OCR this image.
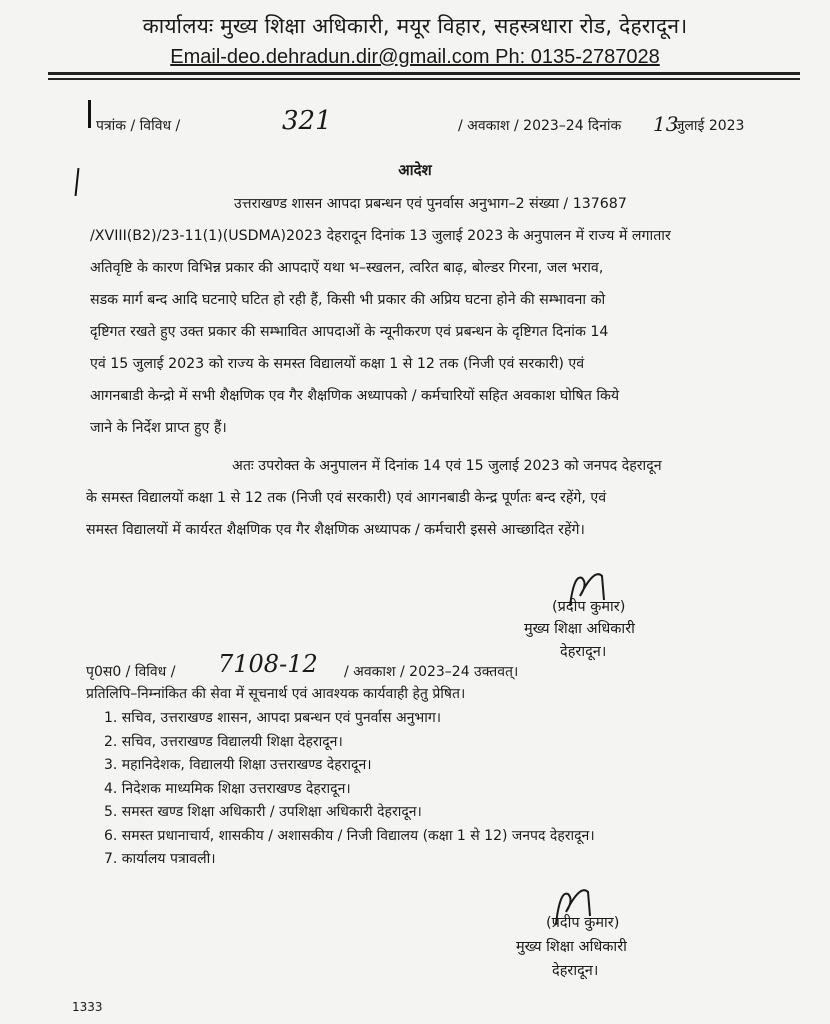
कार्यालयः मुख्य शिक्षा अधिकारी, मयूर विहार, सहस्त्रधारा रोड, देहरादून।
Email-deo.dehradun.dir@gmail.com Ph: 0135-2787028
पत्रांक / विविध /	321	/ अवकाश / 2023–24 दिनांक 13
जुलाई 2023
आदेश
उत्तराखण्ड शासन आपदा प्रबन्धन एवं पुनर्वास अनुभाग–2 संख्या / 137687
/XVIII(B2)/23-11(1)(USDMA)2023 देहरादून दिनांक 13 जुलाई 2023 के अनुपालन में राज्य में लगातार
अतिवृष्टि के कारण विभिन्न प्रकार की आपदाऐं यथा भ–स्खलन, त्वरित बाढ़, बोल्डर गिरना, जल भराव,
सडक मार्ग बन्द आदि घटनाऐ घटित हो रही हैं, किसी भी प्रकार की अप्रिय घटना होने की सम्भावना को
दृष्टिगत रखते हुए उक्त प्रकार की सम्भावित आपदाओं के न्यूनीकरण एवं प्रबन्धन के दृष्टिगत दिनांक 14
एवं 15 जुलाई 2023 को राज्य के समस्त विद्यालयों कक्षा 1 से 12 तक (निजी एवं सरकारी) एवं
आगनबाडी केन्द्रो में सभी शैक्षणिक एव गैर शैक्षणिक अध्यापको / कर्मचारियों सहित अवकाश घोषित किये
जाने के निर्देश प्राप्त हुए हैं।
अतः उपरोक्त के अनुपालन में दिनांक 14 एवं 15 जुलाई 2023 को जनपद देहरादून
के समस्त विद्यालयों कक्षा 1 से 12 तक (निजी एवं सरकारी) एवं आगनबाडी केन्द्र पूर्णतः बन्द रहेंगे, एवं
समस्त विद्यालयों में कार्यरत शैक्षणिक एव गैर शैक्षणिक अध्यापक / कर्मचारी इससे आच्छादित रहेंगे।
(प्रदीप कुमार)
मुख्य शिक्षा अधिकारी
देहरादून।
पृ0स0 / विविध / 7108-12 / अवकाश / 2023–24 उक्तवत्।
प्रतिलिपि–निम्नांकित की सेवा में सूचनार्थ एवं आवश्यक कार्यवाही हेतु प्रेषित।
1. सचिव, उत्तराखण्ड शासन, आपदा प्रबन्धन एवं पुनर्वास अनुभाग।
2. सचिव, उत्तराखण्ड विद्यालयी शिक्षा देहरादून।
3. महानिदेशक, विद्यालयी शिक्षा उत्तराखण्ड देहरादून।
4. निदेशक माध्यमिक शिक्षा उत्तराखण्ड देहरादून।
5. समस्त खण्ड शिक्षा अधिकारी / उपशिक्षा अधिकारी देहरादून।
6. समस्त प्रधानाचार्य, शासकीय / अशासकीय / निजी विद्यालय (कक्षा 1 से 12) जनपद देहरादून।
7. कार्यालय पत्रावली।
(प्रदीप कुमार)
मुख्य शिक्षा अधिकारी
देहरादून।
1333
